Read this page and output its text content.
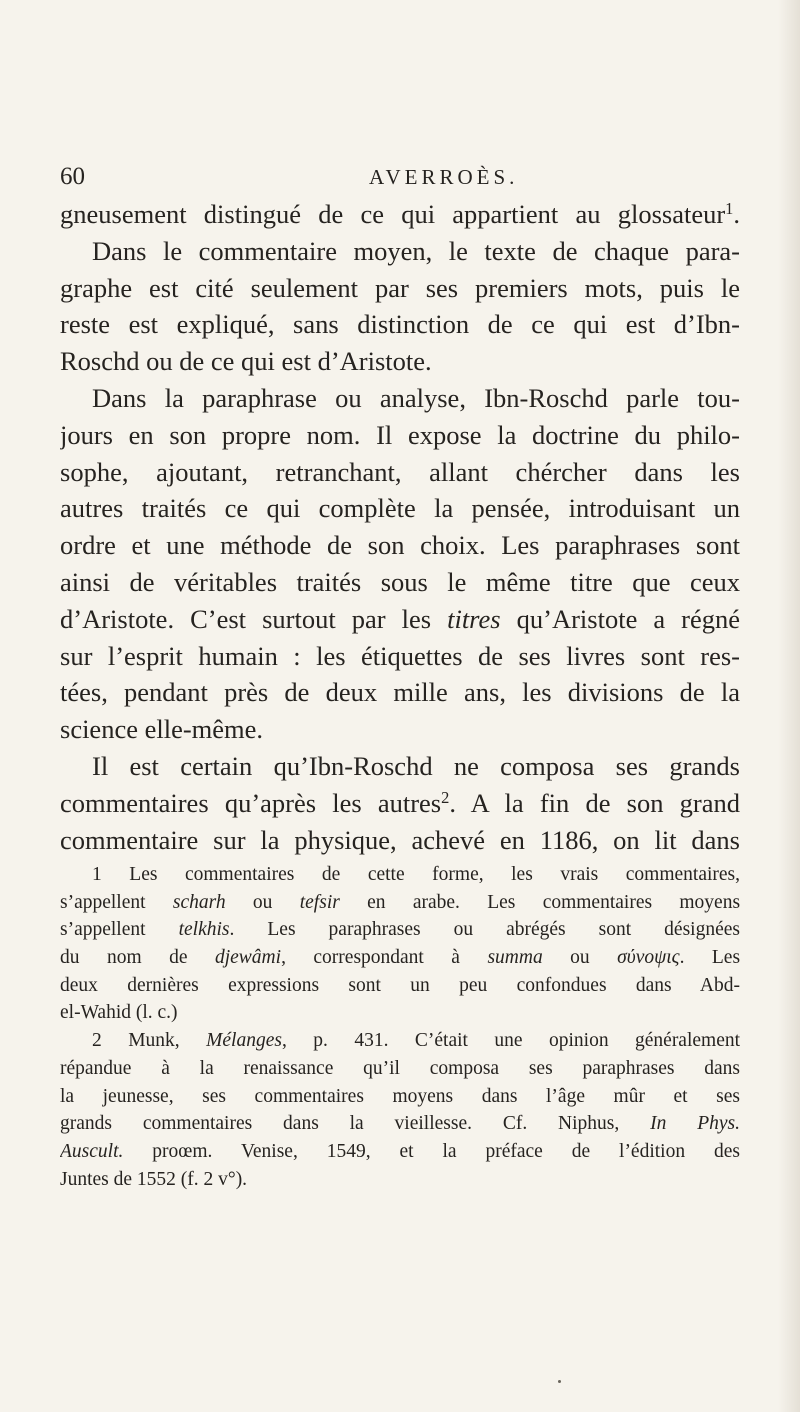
60	AVERROÈS.
gneusement distingué de ce qui appartient au glossateur$^1$.
Dans le commentaire moyen, le texte de chaque para-
graphe est cité seulement par ses premiers mots, puis le
reste est expliqué, sans distinction de ce qui est d’Ibn-
Roschd ou de ce qui est d’Aristote.
Dans la paraphrase ou analyse, Ibn-Roschd parle tou-
jours en son propre nom. Il expose la doctrine du philo-
sophe, ajoutant, retranchant, allant chércher dans les
autres traités ce qui complète la pensée, introduisant un
ordre et une méthode de son choix. Les paraphrases sont
ainsi de véritables traités sous le même titre que ceux
d’Aristote. C’est surtout par les titres qu’Aristote a régné
sur l’esprit humain : les étiquettes de ses livres sont res-
tées, pendant près de deux mille ans, les divisions de la
science elle-même.
Il est certain qu’Ibn-Roschd ne composa ses grands
commentaires qu’après les autres$^2$. A la fin de son grand
commentaire sur la physique, achevé en 1186, on lit dans
1 Les commentaires de cette forme, les vrais commentaires,
s’appellent scharh ou tefsir en arabe. Les commentaires moyens
s’appellent telkhis. Les paraphrases ou abrégés sont désignées
du nom de djewâmi, correspondant à summa ou σύνοψις. Les
deux dernières expressions sont un peu confondues dans Abd-
el-Wahid (l. c.)
2 Munk, Mélanges, p. 431. C’était une opinion généralement
répandue à la renaissance qu’il composa ses paraphrases dans
la jeunesse, ses commentaires moyens dans l’âge mûr et ses
grands commentaires dans la vieillesse. Cf. Niphus, In Phys.
Auscult. proœm. Venise, 1549, et la préface de l’édition des
Juntes de 1552 (f. 2 v°).
